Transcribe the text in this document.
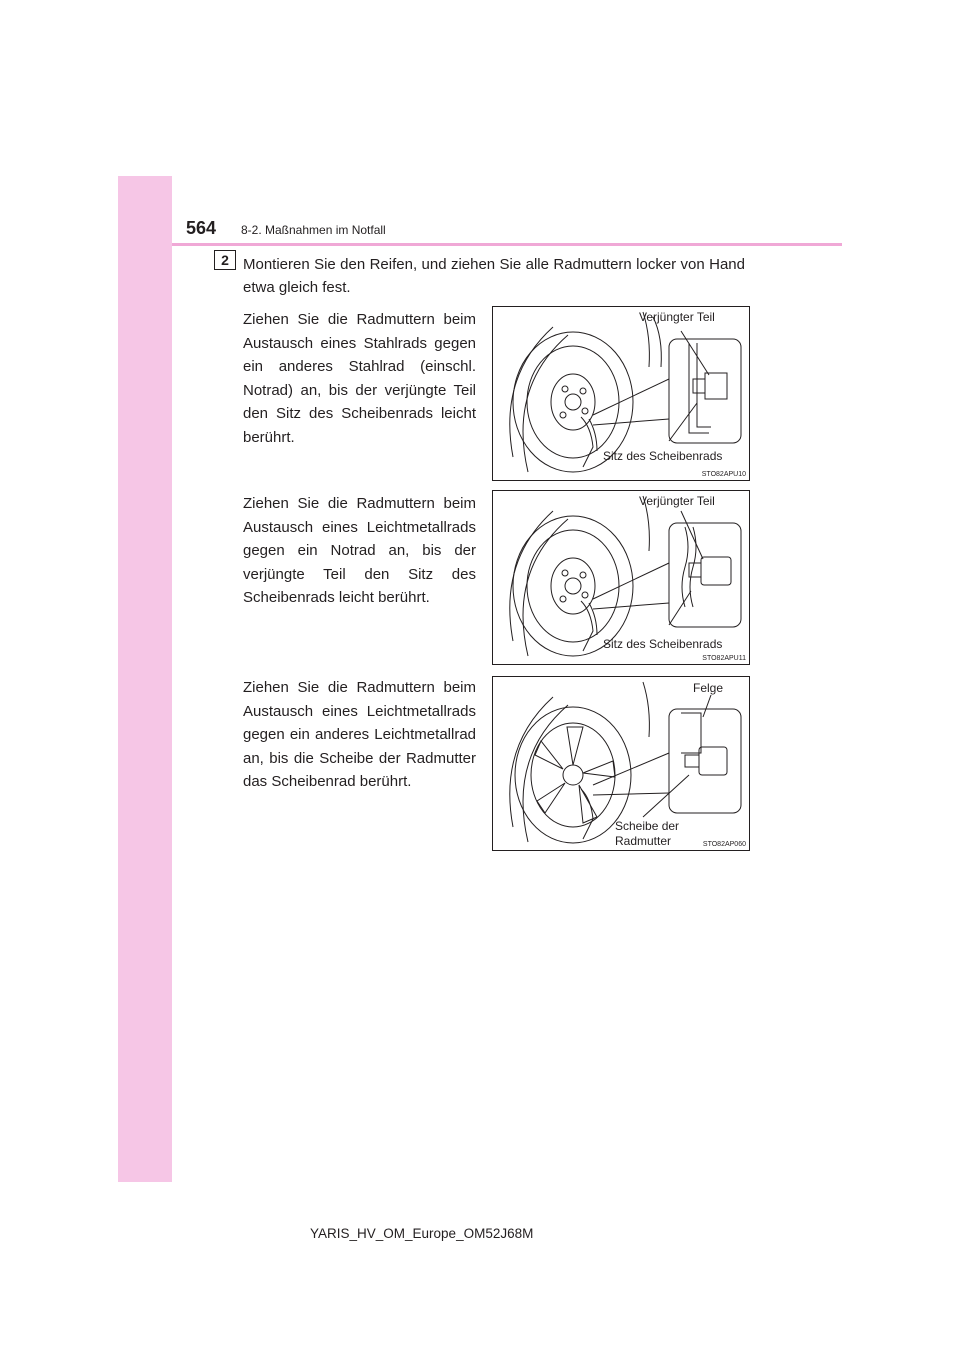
564 8-2. Maßnahmen im Notfall
2 Montieren Sie den Reifen, und ziehen Sie alle Radmuttern locker von Hand etwa gleich fest.
Ziehen Sie die Radmuttern beim Austausch eines Stahlrads gegen ein anderes Stahlrad (einschl. Notrad) an, bis der verjüngte Teil den Sitz des Scheibenrads leicht berührt.
Verjüngter Teil
Sitz des Scheibenrads
STO82APU10
Ziehen Sie die Radmuttern beim Austausch eines Leichtmetallrads gegen ein Notrad an, bis der verjüngte Teil den Sitz des Scheibenrads leicht berührt.
Verjüngter Teil
Sitz des Scheibenrads
STO82APU11
Ziehen Sie die Radmuttern beim Austausch eines Leichtmetallrads gegen ein anderes Leichtmetallrad an, bis die Scheibe der Radmutter das Scheibenrad berührt.
Felge
Scheibe der
Radmutter	STO82AP060
YARIS_HV_OM_Europe_OM52J68M
